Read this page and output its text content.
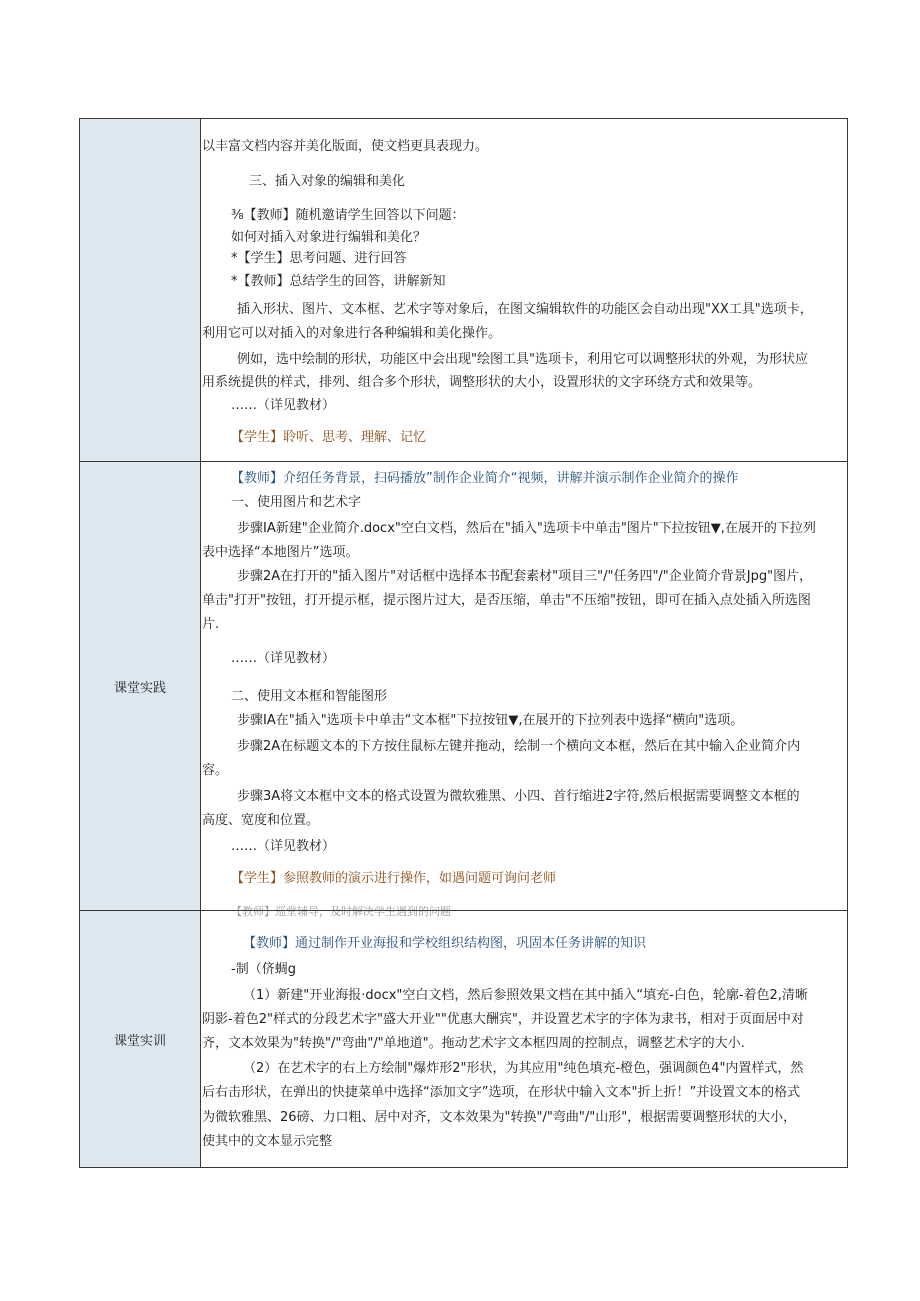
以丰富文档内容并美化版面，使文档更具表现力。
三、插入对象的编辑和美化
⅜【教师】随机邀请学生回答以下问题：
如何对插入对象进行编辑和美化？
*【学生】思考问题、进行回答
*【教师】总结学生的回答，讲解新知
插入形状、图片、文本框、艺术字等对象后，在图文编辑软件的功能区会自动出现"XX工具"选项卡，
利用它可以对插入的对象进行各种编辑和美化操作。
例如，选中绘制的形状，功能区中会出现"绘图工具"选项卡，利用它可以调整形状的外观，为形状应
用系统提供的样式，排列、组合多个形状，调整形状的大小，设置形状的文字环绕方式和效果等。
……（详见教材）
【学生】聆听、思考、理解、记忆
课堂实践
【教师】介绍任务背景，扫码播放”制作企业简介“视频，讲解并演示制作企业简介的操作
一、使用图片和艺术字
步骤IA新建"企业简介.docx"空白文档，然后在"插入"选项卡中单击"图片"下拉按钮▼,在展开的下拉列
表中选择“本地图片”选项。
步骤2A在打开的"插入图片"对话框中选择本书配套素材"项目三"/"任务四"/"企业简介背景Jpg"图片，
单击"打开"按钮，打开提示框，提示图片过大，是否压缩，单击"不压缩"按钮，即可在插入点处插入所选图
片.
……（详见教材）
二、使用文本框和智能图形
步骤IA在"插入"选项卡中单击“文本框"下拉按钮▼,在展开的下拉列表中选择“横向"选项。
步骤2A在标题文本的下方按住鼠标左键并拖动，绘制一个横向文本框，然后在其中输入企业简介内
容。
步骤3A将文本框中文本的格式设置为微软雅黑、小四、首行缩进2字符,然后根据需要调整文本框的
高度、宽度和位置。
……（详见教材）
【学生】参照教师的演示进行操作，如遇问题可询问老师
【教师】巡堂辅导，及时解决学生遇到的问题
课堂实训
【教师】通过制作开业海报和学校组织结构图，巩固本任务讲解的知识
-制（侪蜩g
（1）新建"开业海报·docx"空白文档，然后参照效果文档在其中插入“填充-白色，轮廓-着色2,清晰
阴影-着色2"样式的分段艺术字"盛大开业""优惠大酬宾"，并设置艺术字的字体为隶书，相对于页面居中对
齐，文本效果为"转换"/"弯曲"/"单地道"。拖动艺术字文本框四周的控制点，调整艺术字的大小.
（2）在艺术字的右上方绘制"爆炸形2"形状，为其应用"纯色填充-橙色，强调颜色4"内置样式，然
后右击形状，在弹出的快捷菜单中选择“添加文字”选项，在形状中输入文本"折上折！”并设置文本的格式
为微软雅黑、26磅、力口粗、居中对齐，文本效果为"转换"/"弯曲"/"山形"，根据需要调整形状的大小，
使其中的文本显示完整
